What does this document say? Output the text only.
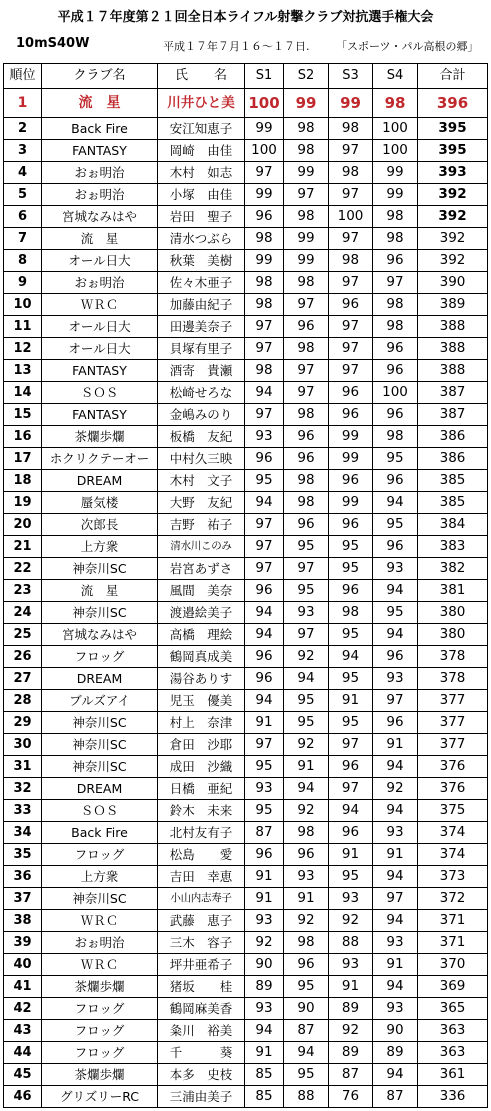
平成１７年度第２１回全日本ライフル射撃クラブ対抗選手権大会
10mS40W	平成１７年７月１６～１７日. 「スポーツ・パル高根の郷」
順位	クラブ名	氏　　名	S1	S2	S3	S4	合計
1	流　星	川井ひと美	100	99	99	98	396
2	Back Fire	安江知恵子	99	98	98	100	395
3	FANTASY	岡崎　由佳	100	98	97	100	395
4	おぉ明治	木村　如志	97	99	98	99	393
5	おぉ明治	小塚　由佳	99	97	97	99	392
6	宮城なみはや	岩田　聖子	96	98	100	98	392
7	流　星	清水つぶら	98	99	97	98	392
8	オール日大	秋葉　美樹	99	99	98	96	392
9	おぉ明治	佐々木亜子	98	98	97	97	390
10	ＷＲＣ	加藤由紀子	98	97	96	98	389
11	オール日大	田邊美奈子	97	96	97	98	388
12	オール日大	貝塚有里子	97	98	97	96	388
13	FANTASY	酒寄　貴瀬	98	97	97	96	388
14	ＳＯＳ	松崎せろな	94	97	96	100	387
15	FANTASY	金嶋みのり	97	98	96	96	387
16	茶爛歩爛	板橋　友紀	93	96	99	98	386
17	ホクリクテーオー	中村久三映	96	96	99	95	386
18	DREAM	木村　文子	95	98	96	96	385
19	蜃気楼	大野　友紀	94	98	99	94	385
20	次郎長	吉野　祐子	97	96	96	95	384
21	上方衆	清水川このみ	97	95	95	96	383
22	神奈川SC	岩宮あずさ	97	97	95	93	382
23	流　星	風間　美奈	96	95	96	94	381
24	神奈川SC	渡邉絵美子	94	93	98	95	380
25	宮城なみはや	高橋　理絵	94	97	95	94	380
26	フロッグ	鶴岡真成美	96	92	94	96	378
27	DREAM	湯谷ありす	96	94	95	93	378
28	ブルズアイ	児玉　優美	94	95	91	97	377
29	神奈川SC	村上　奈津	91	95	95	96	377
30	神奈川SC	倉田　沙耶	97	92	97	91	377
31	神奈川SC	成田　沙織	95	91	96	94	376
32	DREAM	日橋　亜紀	93	94	97	92	376
33	ＳＯＳ	鈴木　未来	95	92	94	94	375
34	Back Fire	北村友有子	87	98	96	93	374
35	フロッグ	松島　　愛	96	96	91	91	374
36	上方衆	吉田　幸恵	91	93	95	94	373
37	神奈川SC	小山内志寿子	91	91	93	97	372
38	ＷＲＣ	武藤　恵子	93	92	92	94	371
39	おぉ明治	三木　容子	92	98	88	93	371
40	ＷＲＣ	坪井亜希子	90	96	93	91	370
41	茶爛歩爛	猪坂　　桂	89	95	91	94	369
42	フロッグ	鶴岡麻美香	93	90	89	93	365
43	フロッグ	粂川　裕美	94	87	92	90	363
44	フロッグ	千　　　葵	91	94	89	89	363
45	茶爛歩爛	本多　史枝	85	95	87	94	361
46	グリズリーRC	三浦由美子	85	88	76	87	336
